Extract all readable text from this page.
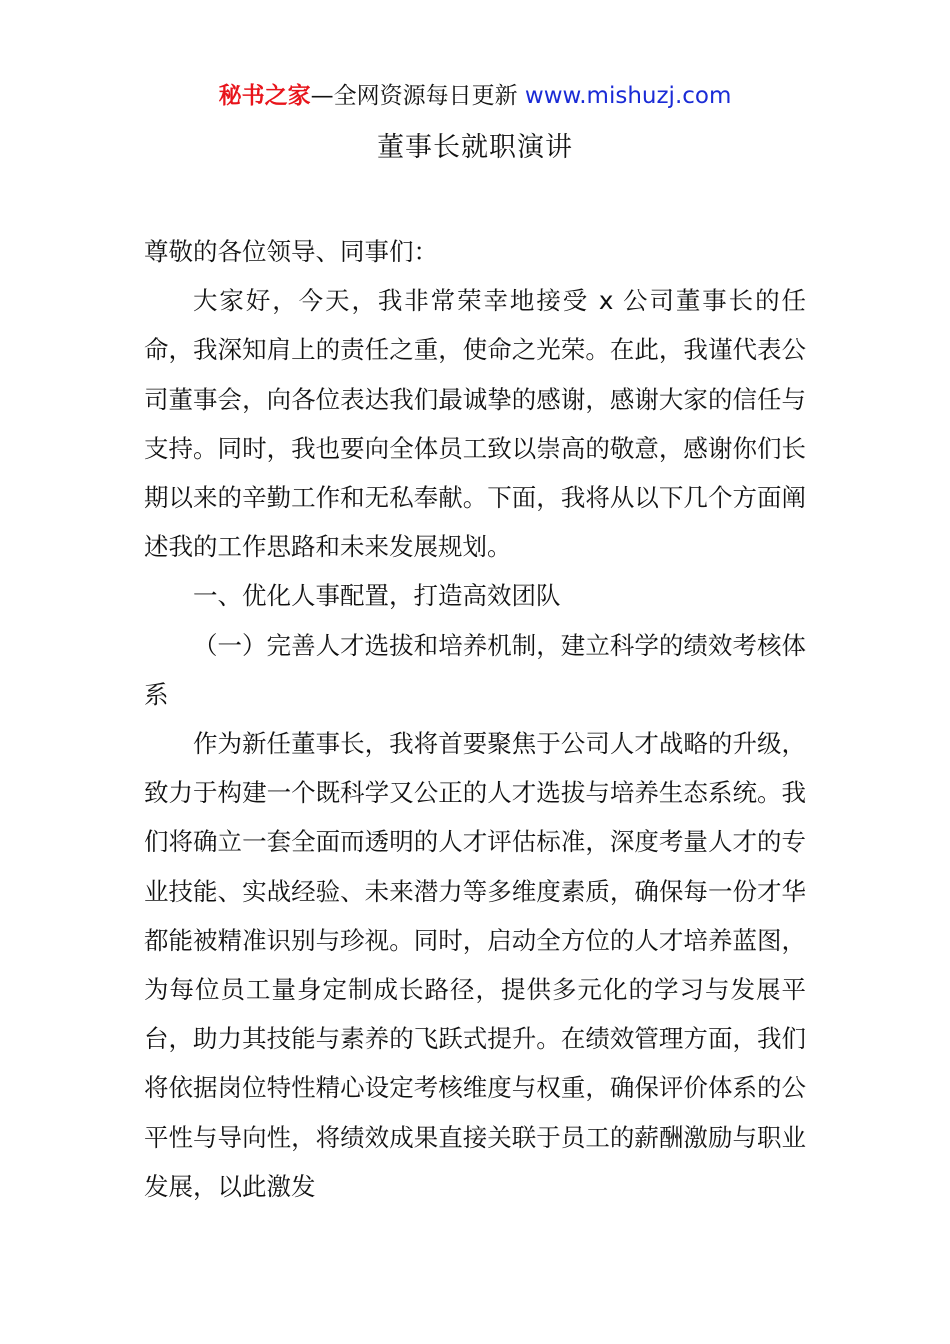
秘书之家—全网资源每日更新 www.mishuzj.com
董事长就职演讲

尊敬的各位领导、同事们：

大家好，今天，我非常荣幸地接受 x 公司董事长的任命，我深知肩上的责任之重，使命之光荣。在此，我谨代表公司董事会，向各位表达我们最诚挚的感谢，感谢大家的信任与支持。同时，我也要向全体员工致以崇高的敬意，感谢你们长期以来的辛勤工作和无私奉献。下面，我将从以下几个方面阐述我的工作思路和未来发展规划。

一、优化人事配置，打造高效团队

（一）完善人才选拔和培养机制，建立科学的绩效考核体系

作为新任董事长，我将首要聚焦于公司人才战略的升级，致力于构建一个既科学又公正的人才选拔与培养生态系统。我们将确立一套全面而透明的人才评估标准，深度考量人才的专业技能、实战经验、未来潜力等多维度素质，确保每一份才华都能被精准识别与珍视。同时，启动全方位的人才培养蓝图，为每位员工量身定制成长路径，提供多元化的学习与发展平台，助力其技能与素养的飞跃式提升。在绩效管理方面，我们将依据岗位特性精心设定考核维度与权重，确保评价体系的公平性与导向性，将绩效成果直接关联于员工的薪酬激励与职业发展，以此激发
